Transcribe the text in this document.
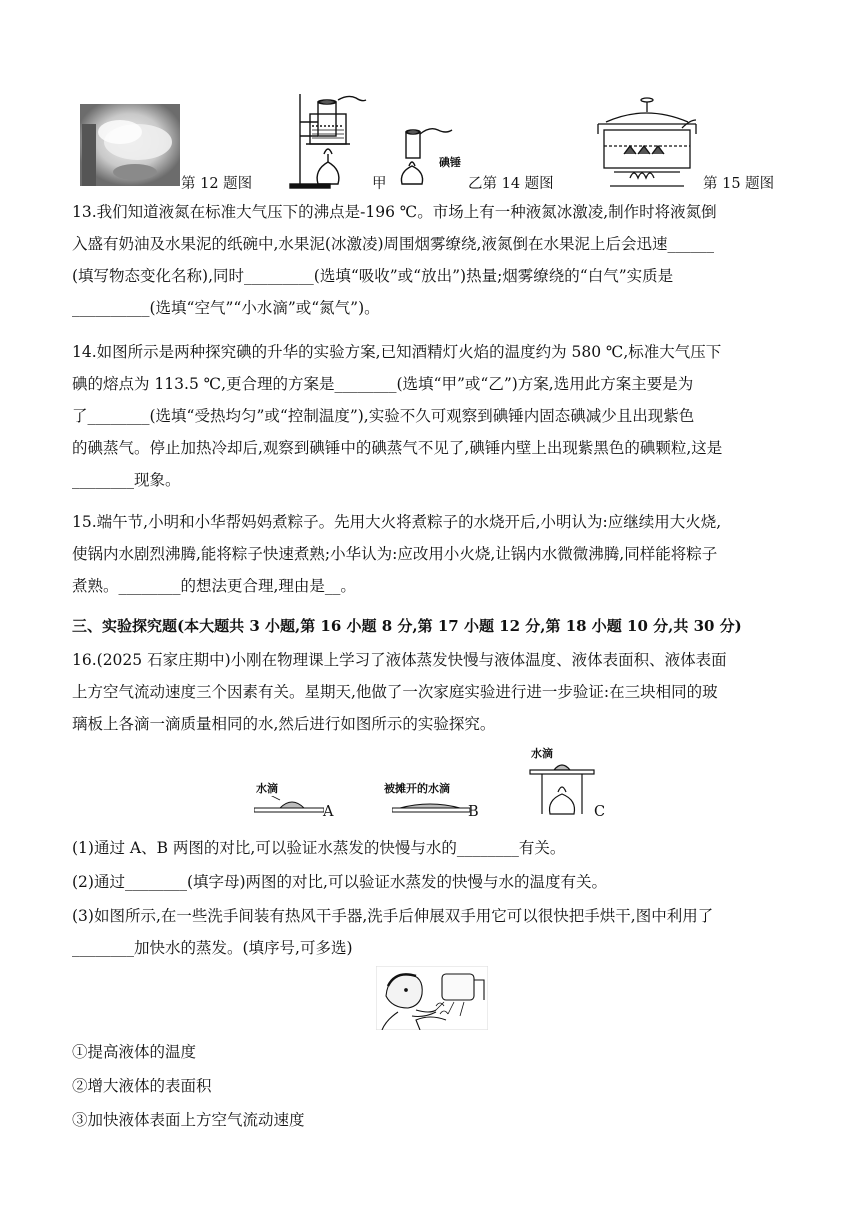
第 12 题图	甲
碘锤
乙第 14 题图	第 15 题图
13.我们知道液氮在标准大气压下的沸点是-196 ℃。市场上有一种液氮冰激凌,制作时将液氮倒
入盛有奶油及水果泥的纸碗中,水果泥(冰激凌)周围烟雾缭绕,液氮倒在水果泥上后会迅速______
(填写物态变化名称),同时_________(选填“吸收”或“放出”)热量;烟雾缭绕的“白气”实质是
__________(选填“空气”“小水滴”或“氮气”)。
14.如图所示是两种探究碘的升华的实验方案,已知酒精灯火焰的温度约为 580 ℃,标准大气压下
碘的熔点为 113.5 ℃,更合理的方案是________(选填“甲”或“乙”)方案,选用此方案主要是为
了________(选填“受热均匀”或“控制温度”),实验不久可观察到碘锤内固态碘减少且出现紫色
的碘蒸气。停止加热冷却后,观察到碘锤中的碘蒸气不见了,碘锤内壁上出现紫黑色的碘颗粒,这是
________现象。
15.端午节,小明和小华帮妈妈煮粽子。先用大火将煮粽子的水烧开后,小明认为:应继续用大火烧,
使锅内水剧烈沸腾,能将粽子快速煮熟;小华认为:应改用小火烧,让锅内水微微沸腾,同样能将粽子
煮熟。________的想法更合理,理由是__。
三、实验探究题(本大题共 3 小题,第 16 小题 8 分,第 17 小题 12 分,第 18 小题 10 分,共 30 分)
16.(2025 石家庄期中)小刚在物理课上学习了液体蒸发快慢与液体温度、液体表面积、液体表面
上方空气流动速度三个因素有关。星期天,他做了一次家庭实验进行进一步验证:在三块相同的玻
璃板上各滴一滴质量相同的水,然后进行如图所示的实验探究。
水滴
A
被摊开的水滴
B
水滴
C
(1)通过 A、B 两图的对比,可以验证水蒸发的快慢与水的________有关。
(2)通过________(填字母)两图的对比,可以验证水蒸发的快慢与水的温度有关。
(3)如图所示,在一些洗手间装有热风干手器,洗手后伸展双手用它可以很快把手烘干,图中利用了
________加快水的蒸发。(填序号,可多选)
①提高液体的温度
②增大液体的表面积
③加快液体表面上方空气流动速度
